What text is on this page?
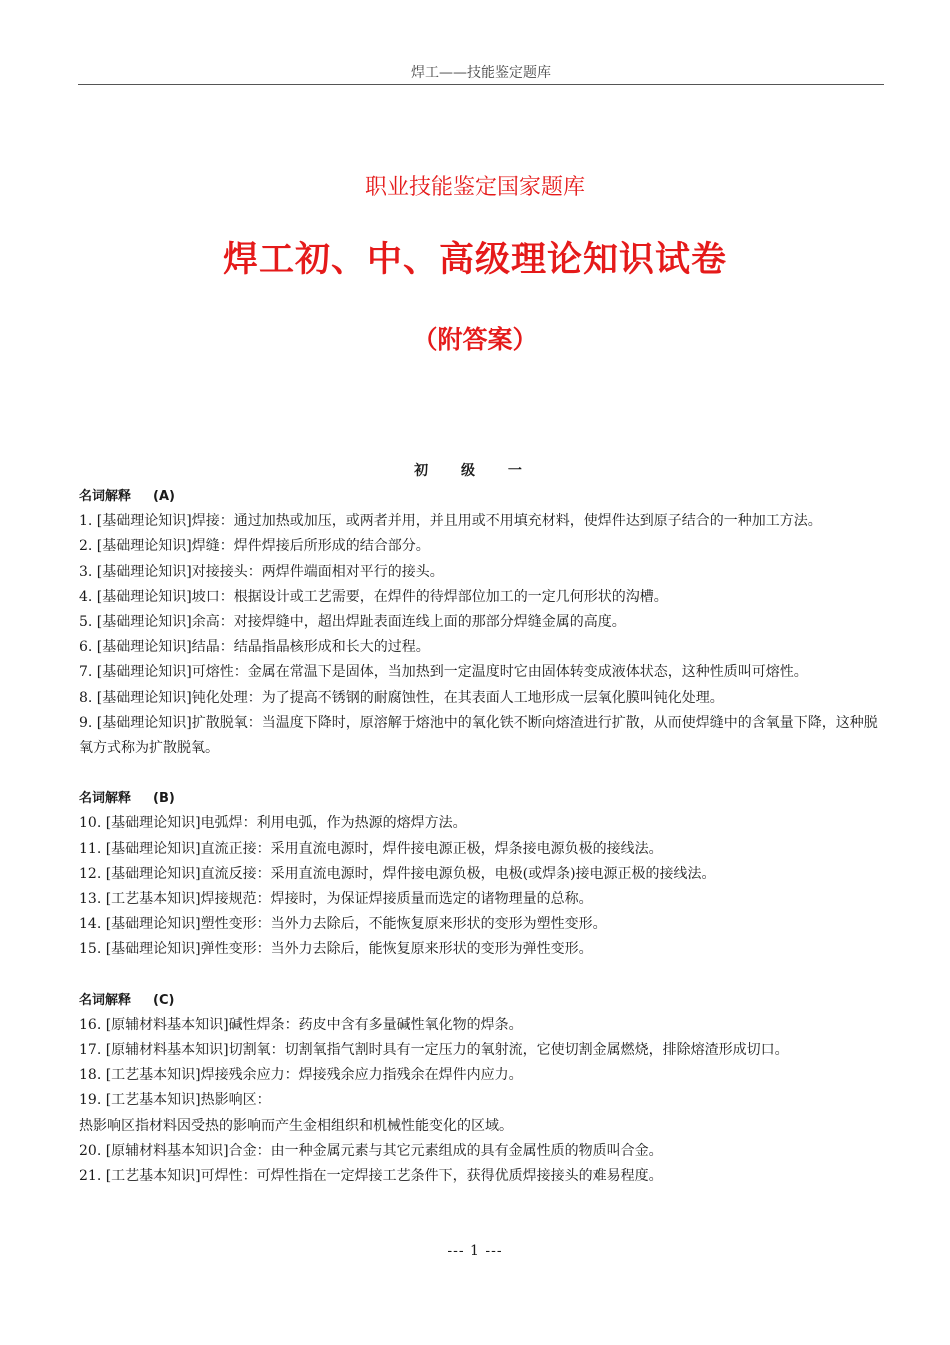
焊工——技能鉴定题库
职业技能鉴定国家题库
焊工初、中、高级理论知识试卷
（附答案）
初 级 一
名词解释 (A)
1. [基础理论知识]焊接：通过加热或加压，或两者并用，并且用或不用填充材料，使焊件达到原子结合的一种加工方法。
2. [基础理论知识]焊缝：焊件焊接后所形成的结合部分。
3. [基础理论知识]对接接头：两焊件端面相对平行的接头。
4. [基础理论知识]坡口：根据设计或工艺需要，在焊件的待焊部位加工的一定几何形状的沟槽。
5. [基础理论知识]余高：对接焊缝中，超出焊趾表面连线上面的那部分焊缝金属的高度。
6. [基础理论知识]结晶：结晶指晶核形成和长大的过程。
7. [基础理论知识]可熔性：金属在常温下是固体，当加热到一定温度时它由固体转变成液体状态，这种性质叫可熔性。
8. [基础理论知识]钝化处理：为了提高不锈钢的耐腐蚀性，在其表面人工地形成一层氧化膜叫钝化处理。
9. [基础理论知识]扩散脱氧：当温度下降时，原溶解于熔池中的氧化铁不断向熔渣进行扩散，从而使焊缝中的含氧量下降，这种脱氧方式称为扩散脱氧。
名词解释 (B)
10. [基础理论知识]电弧焊：利用电弧，作为热源的熔焊方法。
11. [基础理论知识]直流正接：采用直流电源时，焊件接电源正极，焊条接电源负极的接线法。
12. [基础理论知识]直流反接：采用直流电源时，焊件接电源负极，电极(或焊条)接电源正极的接线法。
13. [工艺基本知识]焊接规范：焊接时，为保证焊接质量而选定的诸物理量的总称。
14. [基础理论知识]塑性变形：当外力去除后，不能恢复原来形状的变形为塑性变形。
15. [基础理论知识]弹性变形：当外力去除后，能恢复原来形状的变形为弹性变形。
名词解释 (C)
16. [原辅材料基本知识]碱性焊条：药皮中含有多量碱性氧化物的焊条。
17. [原辅材料基本知识]切割氧：切割氧指气割时具有一定压力的氧射流，它使切割金属燃烧，排除熔渣形成切口。
18. [工艺基本知识]焊接残余应力：焊接残余应力指残余在焊件内应力。
19. [工艺基本知识]热影响区：
热影响区指材料因受热的影响而产生金相组织和机械性能变化的区域。
20. [原辅材料基本知识]合金：由一种金属元素与其它元素组成的具有金属性质的物质叫合金。
21. [工艺基本知识]可焊性：可焊性指在一定焊接工艺条件下，获得优质焊接接头的难易程度。
--- 1 ---
